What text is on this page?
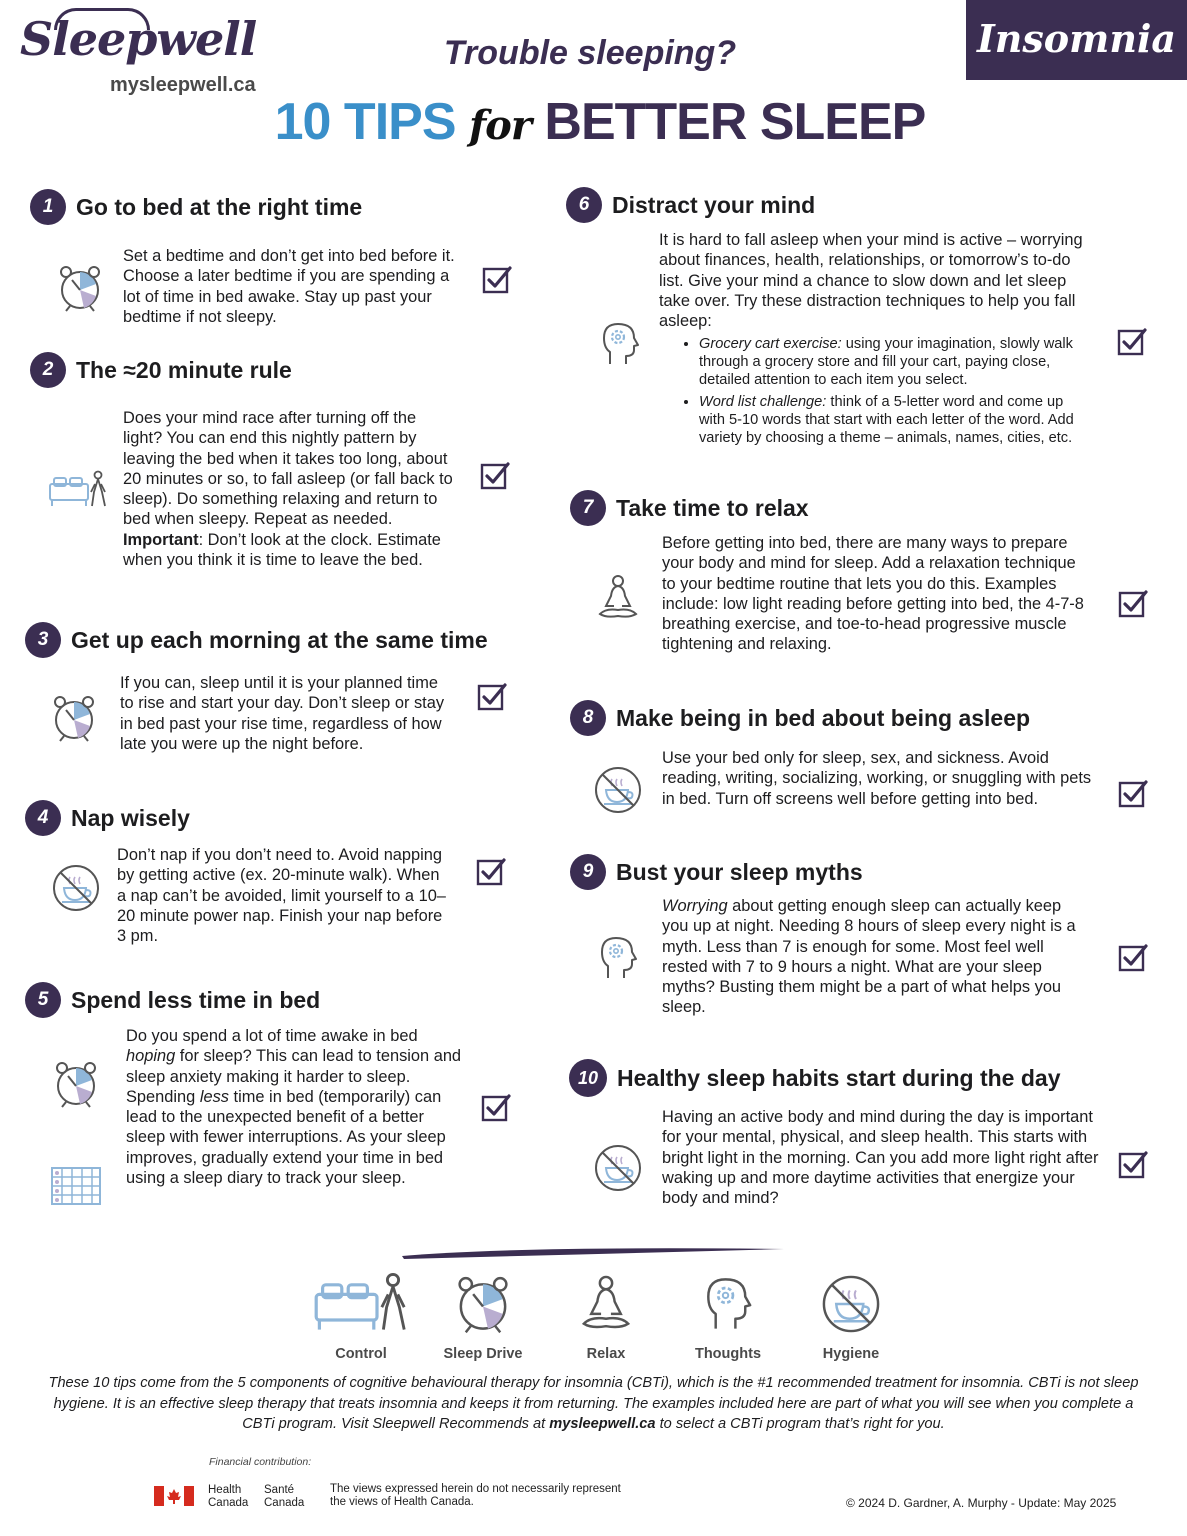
Sleepwell
mysleepwell.ca
Trouble sleeping?
10 TIPS for BETTER SLEEP
Insomnia
1 Go to bed at the right time
Set a bedtime and don’t get into bed before it. Choose a later bedtime if you are spending a lot of time in bed awake. Stay up past your bedtime if not sleepy.
2 The ≈20 minute rule
Does your mind race after turning off the light? You can end this nightly pattern by leaving the bed when it takes too long, about 20 minutes or so, to fall asleep (or fall back to sleep). Do something relaxing and return to bed when sleepy. Repeat as needed. Important: Don’t look at the clock. Estimate when you think it is time to leave the bed.
3 Get up each morning at the same time
If you can, sleep until it is your planned time to rise and start your day. Don’t sleep or stay in bed past your rise time, regardless of how late you were up the night before.
4 Nap wisely
Don’t nap if you don’t need to. Avoid napping by getting active (ex. 20-minute walk). When a nap can’t be avoided, limit yourself to a 10–20 minute power nap. Finish your nap before 3 pm.
5 Spend less time in bed
Do you spend a lot of time awake in bed hoping for sleep? This can lead to tension and sleep anxiety making it harder to sleep. Spending less time in bed (temporarily) can lead to the unexpected benefit of a better sleep with fewer interruptions. As your sleep improves, gradually extend your time in bed using a sleep diary to track your sleep.
6 Distract your mind
It is hard to fall asleep when your mind is active – worrying about finances, health, relationships, or tomorrow’s to-do list. Give your mind a chance to slow down and let sleep take over. Try these distraction techniques to help you fall asleep:
• Grocery cart exercise: using your imagination, slowly walk through a grocery store and fill your cart, paying close, detailed attention to each item you select.
• Word list challenge: think of a 5-letter word and come up with 5-10 words that start with each letter of the word. Add variety by choosing a theme – animals, names, cities, etc.
7 Take time to relax
Before getting into bed, there are many ways to prepare your body and mind for sleep. Add a relaxation technique to your bedtime routine that lets you do this. Examples include: low light reading before getting into bed, the 4-7-8 breathing exercise, and toe-to-head progressive muscle tightening and relaxing.
8 Make being in bed about being asleep
Use your bed only for sleep, sex, and sickness. Avoid reading, writing, socializing, working, or snuggling with pets in bed. Turn off screens well before getting into bed.
9 Bust your sleep myths
Worrying about getting enough sleep can actually keep you up at night. Needing 8 hours of sleep every night is a myth. Less than 7 is enough for some. Most feel well rested with 7 to 9 hours a night. What are your sleep myths? Busting them might be a part of what helps you sleep.
10 Healthy sleep habits start during the day
Having an active body and mind during the day is important for your mental, physical, and sleep health. This starts with bright light in the morning. Can you add more light right after waking up and more daytime activities that energize your body and mind?
Control	Sleep Drive	Relax	Thoughts	Hygiene
These 10 tips come from the 5 components of cognitive behavioural therapy for insomnia (CBTi), which is the #1 recommended treatment for insomnia. CBTi is not sleep hygiene. It is an effective sleep therapy that treats insomnia and keeps it from returning. The examples included here are part of what you will see when you complete a CBTi program. Visit Sleepwell Recommends at mysleepwell.ca to select a CBTi program that’s right for you.
Financial contribution:
Health
Canada
Santé
Canada
The views expressed herein do not necessarily represent the views of Health Canada.	© 2024 D. Gardner, A. Murphy - Update: May 2025
